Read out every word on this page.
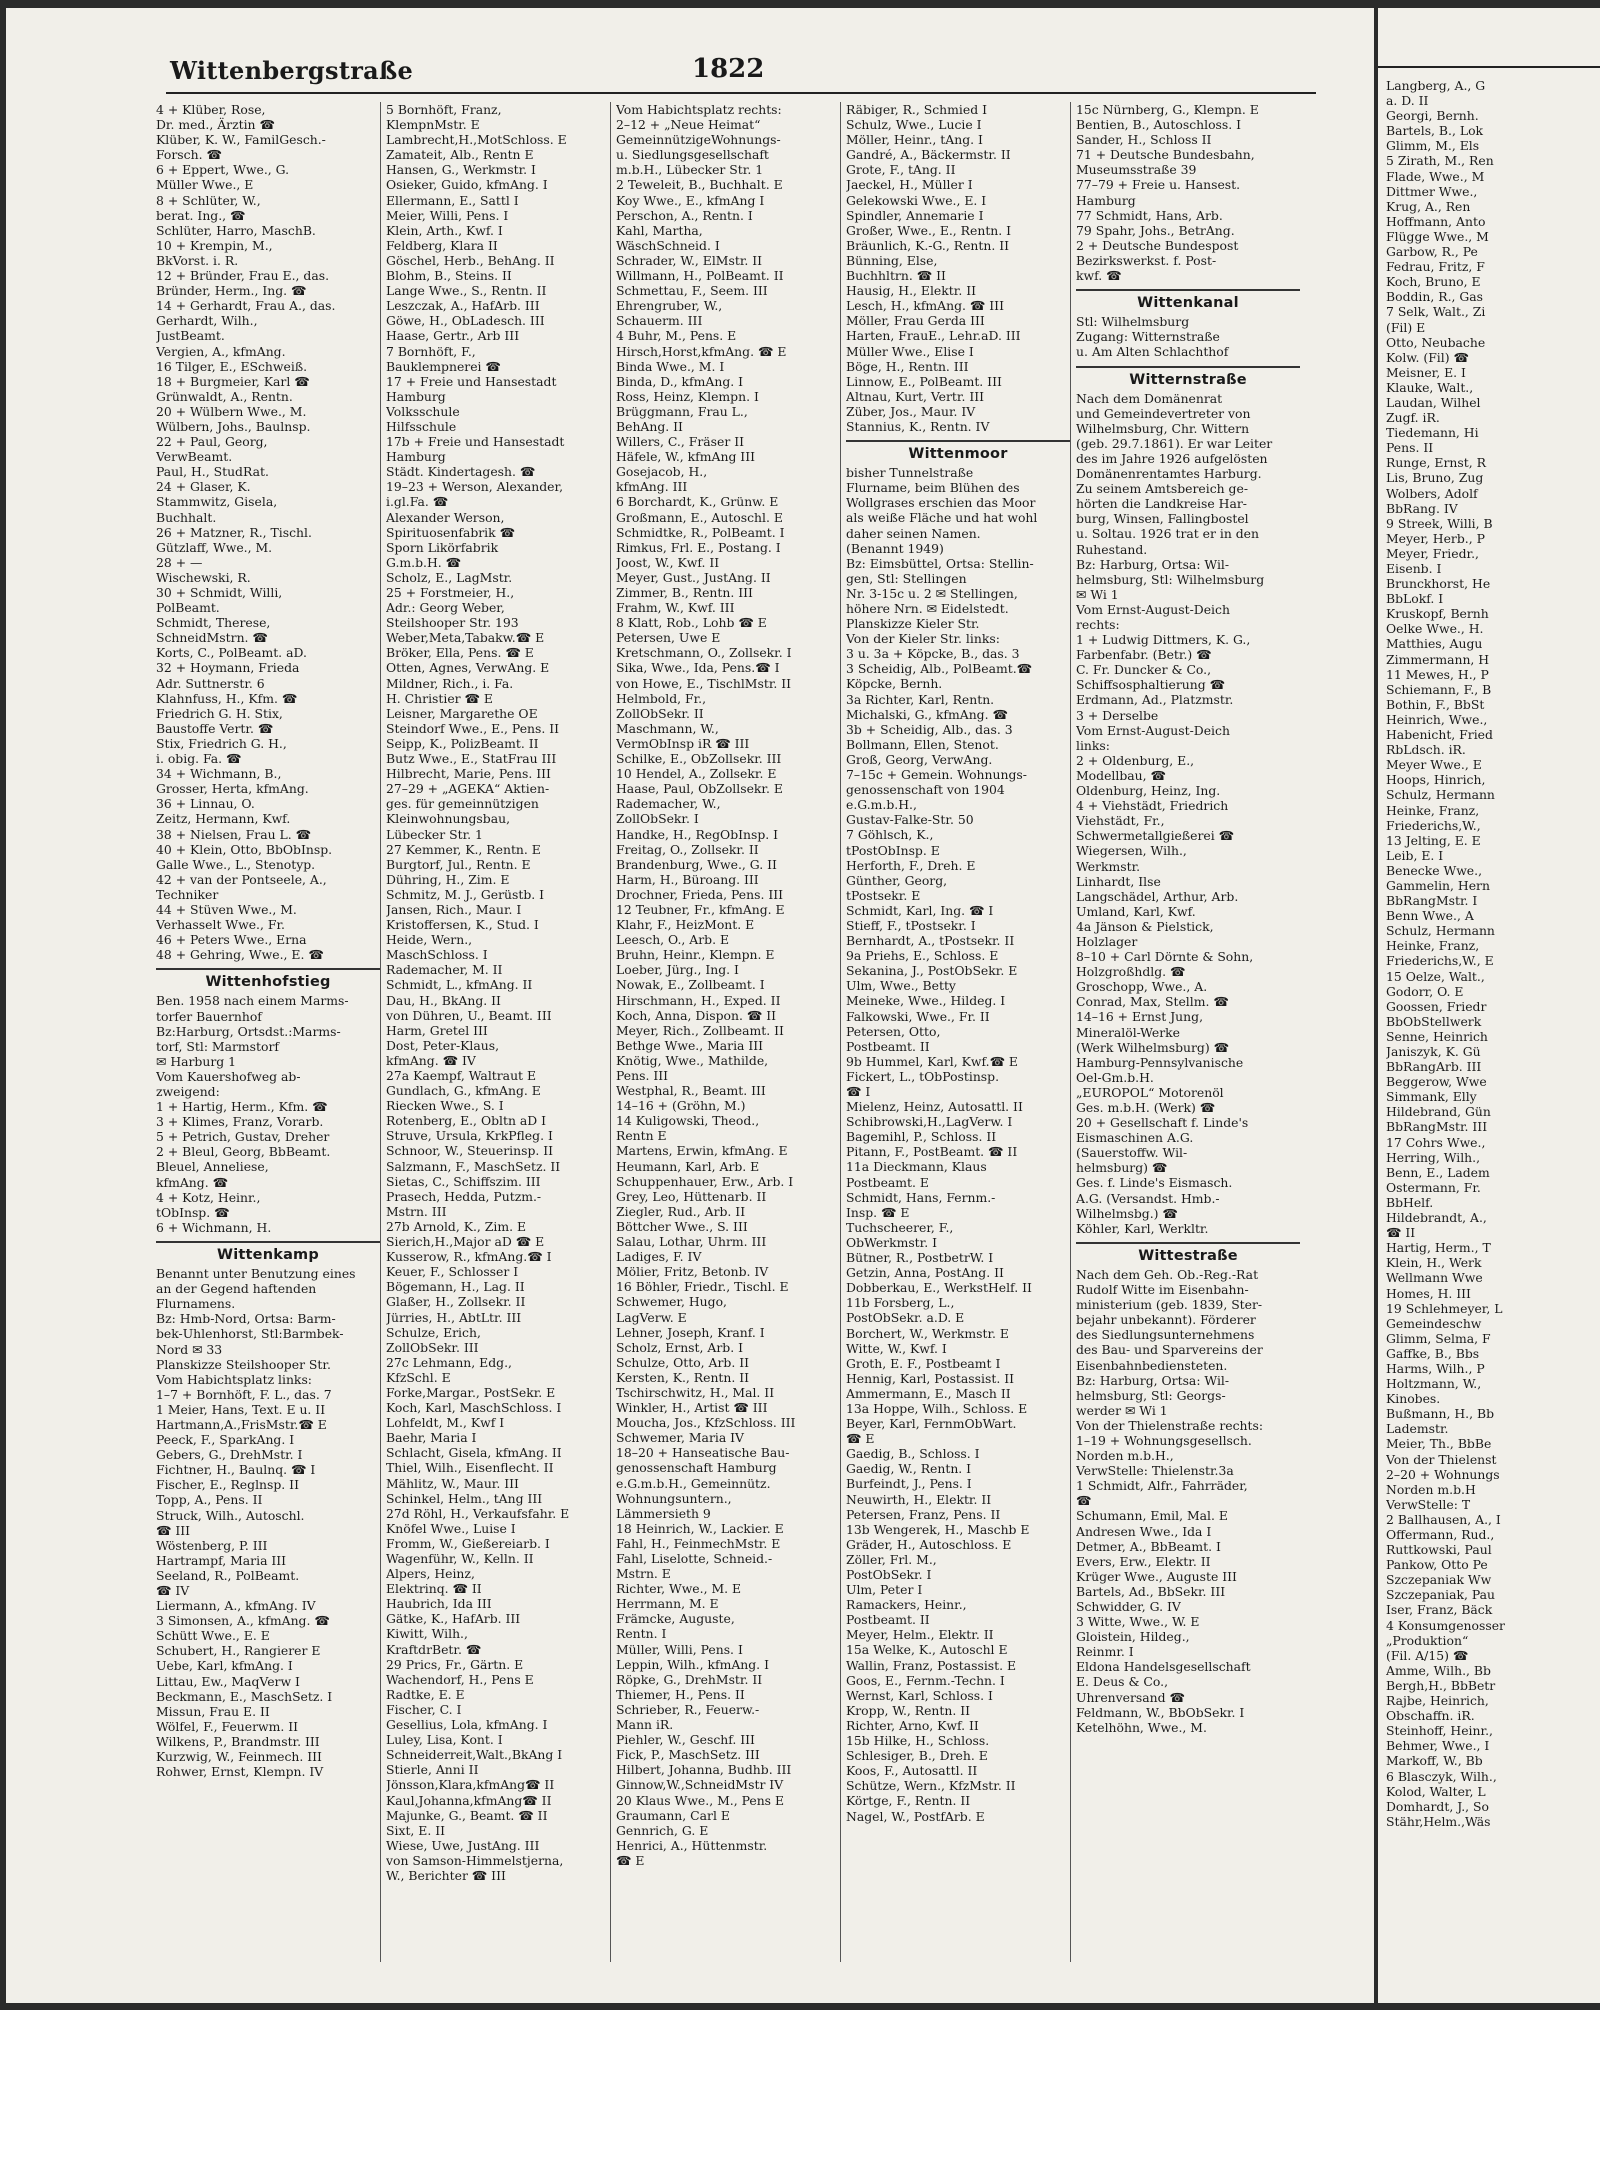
Wittenbergstraße	1822
4 + Klüber, Rose,
Dr. med., Ärztin ☎
Klüber, K. W., FamilGesch.-
Forsch. ☎
6 + Eppert, Wwe., G.
Müller Wwe., E
8 + Schlüter, W.,
berat. Ing., ☎
Schlüter, Harro, MaschB.
10 + Krempin, M.,
BkVorst. i. R.
12 + Bründer, Frau E., das.
Bründer, Herm., Ing. ☎
14 + Gerhardt, Frau A., das.
Gerhardt, Wilh.,
JustBeamt.
Vergien, A., kfmAng.
16 Tilger, E., ESchweiß.
18 + Burgmeier, Karl ☎
Grünwaldt, A., Rentn.
20 + Wülbern Wwe., M.
Wülbern, Johs., Baulnsp.
22 + Paul, Georg,
VerwBeamt.
Paul, H., StudRat.
24 + Glaser, K.
Stammwitz, Gisela,
Buchhalt.
26 + Matzner, R., Tischl.
Gützlaff, Wwe., M.
28 + —
Wischewski, R.
30 + Schmidt, Willi,
PolBeamt.
Schmidt, Therese,
SchneidMstrn. ☎
Korts, C., PolBeamt. aD.
32 + Hoymann, Frieda
Adr. Suttnerstr. 6
Klahnfuss, H., Kfm. ☎
Friedrich G. H. Stix,
Baustoffe Vertr. ☎
Stix, Friedrich G. H.,
i. obig. Fa. ☎
34 + Wichmann, B.,
Grosser, Herta, kfmAng.
36 + Linnau, O.
Zeitz, Hermann, Kwf.
38 + Nielsen, Frau L. ☎
40 + Klein, Otto, BbObInsp.
Galle Wwe., L., Stenotyp.
42 + van der Pontseele, A.,
Techniker
44 + Stüven Wwe., M.
Verhasselt Wwe., Fr.
46 + Peters Wwe., Erna
48 + Gehring, Wwe., E. ☎
Wittenhofstieg
Ben. 1958 nach einem Marms-
torfer Bauernhof
Bz:Harburg, Ortsdst.:Marms-
torf, Stl: Marmstorf
✉ Harburg 1
Vom Kauershofweg ab-
zweigend:
1 + Hartig, Herm., Kfm. ☎
3 + Klimes, Franz, Vorarb.
5 + Petrich, Gustav, Dreher
2 + Bleul, Georg, BbBeamt.
Bleuel, Anneliese,
kfmAng. ☎
4 + Kotz, Heinr.,
tObInsp. ☎
6 + Wichmann, H.
Wittenkamp
Benannt unter Benutzung eines
an der Gegend haftenden
Flurnamens.
Bz: Hmb-Nord, Ortsa: Barm-
bek-Uhlenhorst, Stl:Barmbek-
Nord ✉ 33
Planskizze Steilshooper Str.
Vom Habichtsplatz links:
1–7 + Bornhöft, F. L., das. 7
1 Meier, Hans, Text. E u. II
Hartmann,A.,FrisMstr.☎ E
Peeck, F., SparkAng. I
Gebers, G., DrehMstr. I
Fichtner, H., Baulnq. ☎ I
Fischer, E., Reglnsp. II
Topp, A., Pens. II
Struck, Wilh., Autoschl.
☎ III
Wöstenberg, P. III
Hartrampf, Maria III
Seeland, R., PolBeamt.
☎ IV
Liermann, A., kfmAng. IV
3 Simonsen, A., kfmAng. ☎
Schütt Wwe., E. E
Schubert, H., Rangierer E
Uebe, Karl, kfmAng. I
Littau, Ew., MaqVerw I
Beckmann, E., MaschSetz. I
Missun, Frau E. II
Wölfel, F., Feuerwm. II
Wilkens, P., Brandmstr. III
Kurzwig, W., Feinmech. III
Rohwer, Ernst, Klempn. IV
5 Bornhöft, Franz,
KlempnMstr. E
Lambrecht,H.,MotSchloss. E
Zamateit, Alb., Rentn E
Hansen, G., Werkmstr. I
Osieker, Guido, kfmAng. I
Ellermann, E., Sattl I
Meier, Willi, Pens. I
Klein, Arth., Kwf. I
Feldberg, Klara II
Göschel, Herb., BehAng. II
Blohm, B., Steins. II
Lange Wwe., S., Rentn. II
Leszczak, A., HafArb. III
Göwe, H., ObLadesch. III
Haase, Gertr., Arb III
7 Bornhöft, F.,
Bauklempnerei ☎
17 + Freie und Hansestadt
Hamburg
Volksschule
Hilfsschule
17b + Freie und Hansestadt
Hamburg
Städt. Kindertagesh. ☎
19–23 + Werson, Alexander,
i.gl.Fa. ☎
Alexander Werson,
Spirituosenfabrik ☎
Sporn Likörfabrik
G.m.b.H. ☎
Scholz, E., LagMstr.
25 + Forstmeier, H.,
Adr.: Georg Weber,
Steilshooper Str. 193
Weber,Meta,Tabakw.☎ E
Bröker, Ella, Pens. ☎ E
Otten, Agnes, VerwAng. E
Mildner, Rich., i. Fa.
H. Christier ☎ E
Leisner, Margarethe OE
Steindorf Wwe., E., Pens. II
Seipp, K., PolizBeamt. II
Butz Wwe., E., StatFrau III
Hilbrecht, Marie, Pens. III
27–29 + „AGEKA“ Aktien-
ges. für gemeinnützigen
Kleinwohnungsbau,
Lübecker Str. 1
27 Kemmer, K., Rentn. E
Burgtorf, Jul., Rentn. E
Dühring, H., Zim. E
Schmitz, M. J., Gerüstb. I
Jansen, Rich., Maur. I
Kristoffersen, K., Stud. I
Heide, Wern.,
MaschSchloss. I
Rademacher, M. II
Schmidt, L., kfmAng. II
Dau, H., BkAng. II
von Dühren, U., Beamt. III
Harm, Gretel III
Dost, Peter-Klaus,
kfmAng. ☎ IV
27a Kaempf, Waltraut E
Gundlach, G., kfmAng. E
Riecken Wwe., S. I
Rotenberg, E., Obltn aD I
Struve, Ursula, KrkPfleg. I
Schnoor, W., Steuerinsp. II
Salzmann, F., MaschSetz. II
Sietas, C., Schiffszim. III
Prasech, Hedda, Putzm.-
Mstrn. III
27b Arnold, K., Zim. E
Sierich,H.,Major aD ☎ E
Kusserow, R., kfmAng.☎ I
Keuer, F., Schlosser I
Bögemann, H., Lag. II
Glaßer, H., Zollsekr. II
Jürries, H., AbtLtr. III
Schulze, Erich,
ZollObSekr. III
27c Lehmann, Edg.,
KfzSchl. E
Forke,Margar., PostSekr. E
Koch, Karl, MaschSchloss. I
Lohfeldt, M., Kwf I
Baehr, Maria I
Schlacht, Gisela, kfmAng. II
Thiel, Wilh., Eisenflecht. II
Mählitz, W., Maur. III
Schinkel, Helm., tAng III
27d Röhl, H., Verkaufsfahr. E
Knöfel Wwe., Luise I
Fromm, W., Gießereiarb. I
Wagenführ, W., Kelln. II
Alpers, Heinz,
Elektrinq. ☎ II
Haubrich, Ida III
Gätke, K., HafArb. III
Kiwitt, Wilh.,
KraftdrBetr. ☎
29 Prics, Fr., Gärtn. E
Wachendorf, H., Pens E
Radtke, E. E
Fischer, C. I
Gesellius, Lola, kfmAng. I
Luley, Lisa, Kont. I
Schneiderreit,Walt.,BkAng I
Stierle, Anni II
Jönsson,Klara,kfmAng☎ II
Kaul,Johanna,kfmAng☎ II
Majunke, G., Beamt. ☎ II
Sixt, E. II
Wiese, Uwe, JustAng. III
von Samson-Himmelstjerna,
W., Berichter ☎ III
Vom Habichtsplatz rechts:
2–12 + „Neue Heimat“
GemeinnützigeWohnungs-
u. Siedlungsgesellschaft
m.b.H., Lübecker Str. 1
2 Teweleit, B., Buchhalt. E
Koy Wwe., E., kfmAng I
Perschon, A., Rentn. I
Kahl, Martha,
WäschSchneid. I
Schrader, W., ElMstr. II
Willmann, H., PolBeamt. II
Schmettau, F., Seem. III
Ehrengruber, W.,
Schauerm. III
4 Buhr, M., Pens. E
Hirsch,Horst,kfmAng. ☎ E
Binda Wwe., M. I
Binda, D., kfmAng. I
Ross, Heinz, Klempn. I
Brüggmann, Frau L.,
BehAng. II
Willers, C., Fräser II
Häfele, W., kfmAng III
Gosejacob, H.,
kfmAng. III
6 Borchardt, K., Grünw. E
Großmann, E., Autoschl. E
Schmidtke, R., PolBeamt. I
Rimkus, Frl. E., Postang. I
Joost, W., Kwf. II
Meyer, Gust., JustAng. II
Zimmer, B., Rentn. III
Frahm, W., Kwf. III
8 Klatt, Rob., Lohb ☎ E
Petersen, Uwe E
Kretschmann, O., Zollsekr. I
Sika, Wwe., Ida, Pens.☎ I
von Howe, E., TischlMstr. II
Helmbold, Fr.,
ZollObSekr. II
Maschmann, W.,
VermObInsp iR ☎ III
Schilke, E., ObZollsekr. III
10 Hendel, A., Zollsekr. E
Haase, Paul, ObZollsekr. E
Rademacher, W.,
ZollObSekr. I
Handke, H., RegObInsp. I
Freitag, O., Zollsekr. II
Brandenburg, Wwe., G. II
Harm, H., Büroang. III
Drochner, Frieda, Pens. III
12 Teubner, Fr., kfmAng. E
Klahr, F., HeizMont. E
Leesch, O., Arb. E
Bruhn, Heinr., Klempn. E
Loeber, Jürg., Ing. I
Nowak, E., Zollbeamt. I
Hirschmann, H., Exped. II
Koch, Anna, Dispon. ☎ II
Meyer, Rich., Zollbeamt. II
Bethge Wwe., Maria III
Knötig, Wwe., Mathilde,
Pens. III
Westphal, R., Beamt. III
14–16 + (Gröhn, M.)
14 Kuligowski, Theod.,
Rentn E
Martens, Erwin, kfmAng. E
Heumann, Karl, Arb. E
Schuppenhauer, Erw., Arb. I
Grey, Leo, Hüttenarb. II
Ziegler, Rud., Arb. II
Böttcher Wwe., S. III
Salau, Lothar, Uhrm. III
Ladiges, F. IV
Mölier, Fritz, Betonb. IV
16 Böhler, Friedr., Tischl. E
Schwemer, Hugo,
LagVerw. E
Lehner, Joseph, Kranf. I
Scholz, Ernst, Arb. I
Schulze, Otto, Arb. II
Kersten, K., Rentn. II
Tschirschwitz, H., Mal. II
Winkler, H., Artist ☎ III
Moucha, Jos., KfzSchloss. III
Schwemer, Maria IV
18–20 + Hanseatische Bau-
genossenschaft Hamburg
e.G.m.b.H., Gemeinnütz.
Wohnungsuntern.,
Lämmersieth 9
18 Heinrich, W., Lackier. E
Fahl, H., FeinmechMstr. E
Fahl, Liselotte, Schneid.-
Mstrn. E
Richter, Wwe., M. E
Herrmann, M. E
Främcke, Auguste,
Rentn. I
Müller, Willi, Pens. I
Leppin, Wilh., kfmAng. I
Röpke, G., DrehMstr. II
Thiemer, H., Pens. II
Schrieber, R., Feuerw.-
Mann iR.
Piehler, W., Geschf. III
Fick, P., MaschSetz. III
Hilbert, Johanna, Budhb. III
Ginnow,W.,SchneidMstr IV
20 Klaus Wwe., M., Pens E
Graumann, Carl E
Gennrich, G. E
Henrici, A., Hüttenmstr.
☎ E
Räbiger, R., Schmied I
Schulz, Wwe., Lucie I
Möller, Heinr., tAng. I
Gandré, A., Bäckermstr. II
Grote, F., tAng. II
Jaeckel, H., Müller I
Gelekowski Wwe., E. I
Spindler, Annemarie I
Großer, Wwe., E., Rentn. I
Bräunlich, K.-G., Rentn. II
Bünning, Else,
Buchhltrn. ☎ II
Hausig, H., Elektr. II
Lesch, H., kfmAng. ☎ III
Möller, Frau Gerda III
Harten, FrauE., Lehr.aD. III
Müller Wwe., Elise I
Böge, H., Rentn. III
Linnow, E., PolBeamt. III
Altnau, Kurt, Vertr. III
Züber, Jos., Maur. IV
Stannius, K., Rentn. IV
Wittenmoor
bisher Tunnelstraße
Flurname, beim Blühen des
Wollgrases erschien das Moor
als weiße Fläche und hat wohl
daher seinen Namen.
(Benannt 1949)
Bz: Eimsbüttel, Ortsa: Stellin-
gen, Stl: Stellingen
Nr. 3-15c u. 2 ✉ Stellingen,
höhere Nrn. ✉ Eidelstedt.
Planskizze Kieler Str.
Von der Kieler Str. links:
3 u. 3a + Köpcke, B., das. 3
3 Scheidig, Alb., PolBeamt.☎
Köpcke, Bernh.
3a Richter, Karl, Rentn.
Michalski, G., kfmAng. ☎
3b + Scheidig, Alb., das. 3
Bollmann, Ellen, Stenot.
Groß, Georg, VerwAng.
7–15c + Gemein. Wohnungs-
genossenschaft von 1904
e.G.m.b.H.,
Gustav-Falke-Str. 50
7 Göhlsch, K.,
tPostObInsp. E
Herforth, F., Dreh. E
Günther, Georg,
tPostsekr. E
Schmidt, Karl, Ing. ☎ I
Stieff, F., tPostsekr. I
Bernhardt, A., tPostsekr. II
9a Priehs, E., Schloss. E
Sekanina, J., PostObSekr. E
Ulm, Wwe., Betty
Meineke, Wwe., Hildeg. I
Falkowski, Wwe., Fr. II
Petersen, Otto,
Postbeamt. II
9b Hummel, Karl, Kwf.☎ E
Fickert, L., tObPostinsp.
☎ I
Mielenz, Heinz, Autosattl. II
Schibrowski,H.,LagVerw. I
Bagemihl, P., Schloss. II
Pitann, F., PostBeamt. ☎ II
11a Dieckmann, Klaus
Postbeamt. E
Schmidt, Hans, Fernm.-
Insp. ☎ E
Tuchscheerer, F.,
ObWerkmstr. I
Bütner, R., PostbetrW. I
Getzin, Anna, PostAng. II
Dobberkau, E., WerkstHelf. II
11b Forsberg, L.,
PostObSekr. a.D. E
Borchert, W., Werkmstr. E
Witte, W., Kwf. I
Groth, E. F., Postbeamt I
Hennig, Karl, Postassist. II
Ammermann, E., Masch II
13a Hoppe, Wilh., Schloss. E
Beyer, Karl, FernmObWart.
☎ E
Gaedig, B., Schloss. I
Gaedig, W., Rentn. I
Burfeindt, J., Pens. I
Neuwirth, H., Elektr. II
Petersen, Franz, Pens. II
13b Wengerek, H., Maschb E
Gräder, H., Autoschloss. E
Zöller, Frl. M.,
PostObSekr. I
Ulm, Peter I
Ramackers, Heinr.,
Postbeamt. II
Meyer, Helm., Elektr. II
15a Welke, K., Autoschl E
Wallin, Franz, Postassist. E
Goos, E., Fernm.-Techn. I
Wernst, Karl, Schloss. I
Kropp, W., Rentn. II
Richter, Arno, Kwf. II
15b Hilke, H., Schloss.
Schlesiger, B., Dreh. E
Koos, F., Autosattl. II
Schütze, Wern., KfzMstr. II
Körtge, F., Rentn. II
Nagel, W., PostfArb. E
15c Nürnberg, G., Klempn. E
Bentien, B., Autoschloss. I
Sander, H., Schloss II
71 + Deutsche Bundesbahn,
Museumsstraße 39
77–79 + Freie u. Hansest.
Hamburg
77 Schmidt, Hans, Arb.
79 Spahr, Johs., BetrAng.
2 + Deutsche Bundespost
Bezirkswerkst. f. Post-
kwf. ☎
Wittenkanal
Stl: Wilhelmsburg
Zugang: Witternstraße
u. Am Alten Schlachthof
Witternstraße
Nach dem Domänenrat
und Gemeindevertreter von
Wilhelmsburg, Chr. Wittern
(geb. 29.7.1861). Er war Leiter
des im Jahre 1926 aufgelösten
Domänenrentamtes Harburg.
Zu seinem Amtsbereich ge-
hörten die Landkreise Har-
burg, Winsen, Fallingbostel
u. Soltau. 1926 trat er in den
Ruhestand.
Bz: Harburg, Ortsa: Wil-
helmsburg, Stl: Wilhelmsburg
✉ Wi 1
Vom Ernst-August-Deich
rechts:
1 + Ludwig Dittmers, K. G.,
Farbenfabr. (Betr.) ☎
C. Fr. Duncker & Co.,
Schiffsosphaltierung ☎
Erdmann, Ad., Platzmstr.
3 + Derselbe
Vom Ernst-August-Deich
links:
2 + Oldenburg, E.,
Modellbau, ☎
Oldenburg, Heinz, Ing.
4 + Viehstädt, Friedrich
Viehstädt, Fr.,
Schwermetallgießerei ☎
Wiegersen, Wilh.,
Werkmstr.
Linhardt, Ilse
Langschädel, Arthur, Arb.
Umland, Karl, Kwf.
4a Jänson & Pielstick,
Holzlager
8–10 + Carl Dörnte & Sohn,
Holzgroßhdlg. ☎
Groschopp, Wwe., A.
Conrad, Max, Stellm. ☎
14–16 + Ernst Jung,
Mineralöl-Werke
(Werk Wilhelmsburg) ☎
Hamburg-Pennsylvanische
Oel-Gm.b.H.
„EUROPOL“ Motorenöl
Ges. m.b.H. (Werk) ☎
20 + Gesellschaft f. Linde's
Eismaschinen A.G.
(Sauerstoffw. Wil-
helmsburg) ☎
Ges. f. Linde's Eismasch.
A.G. (Versandst. Hmb.-
Wilhelmsbg.) ☎
Köhler, Karl, Werkltr.
Wittestraße
Nach dem Geh. Ob.-Reg.-Rat
Rudolf Witte im Eisenbahn-
ministerium (geb. 1839, Ster-
bejahr unbekannt). Förderer
des Siedlungsunternehmens
des Bau- und Sparvereins der
Eisenbahnbediensteten.
Bz: Harburg, Ortsa: Wil-
helmsburg, Stl: Georgs-
werder ✉ Wi 1
Von der Thielenstraße rechts:
1–19 + Wohnungsgesellsch.
Norden m.b.H.,
VerwStelle: Thielenstr.3a
1 Schmidt, Alfr., Fahrräder,
☎
Schumann, Emil, Mal. E
Andresen Wwe., Ida I
Detmer, A., BbBeamt. I
Evers, Erw., Elektr. II
Krüger Wwe., Auguste III
Bartels, Ad., BbSekr. III
Schwidder, G. IV
3 Witte, Wwe., W. E
Gloistein, Hildeg.,
Reinmr. I
Eldona Handelsgesellschaft
E. Deus & Co.,
Uhrenversand ☎
Feldmann, W., BbObSekr. I
Ketelhöhn, Wwe., M.
Langberg, A., G
a. D. II
Georgi, Bernh.
Bartels, B., Lok
Glimm, M., Els
5 Zirath, M., Ren
Flade, Wwe., M
Dittmer Wwe.,
Krug, A., Ren
Hoffmann, Anto
Flügge Wwe., M
Garbow, R., Pe
Fedrau, Fritz, F
Koch, Bruno, E
Boddin, R., Gas
7 Selk, Walt., Zi
(Fil) E
Otto, Neubache
Kolw. (Fil) ☎
Meisner, E. I
Klauke, Walt.,
Laudan, Wilhel
Zugf. iR.
Tiedemann, Hi
Pens. II
Runge, Ernst, R
Lis, Bruno, Zug
Wolbers, Adolf
BbRang. IV
9 Streek, Willi, B
Meyer, Herb., P
Meyer, Friedr.,
Eisenb. I
Brunckhorst, He
BbLokf. I
Kruskopf, Bernh
Oelke Wwe., H.
Matthies, Augu
Zimmermann, H
11 Mewes, H., P
Schiemann, F., B
Bothin, F., BbSt
Heinrich, Wwe.,
Habenicht, Fried
RbLdsch. iR.
Meyer Wwe., E
Hoops, Hinrich,
Schulz, Hermann
Heinke, Franz,
Friederichs,W.,
13 Jelting, E. E
Leib, E. I
Benecke Wwe.,
Gammelin, Hern
BbRangMstr. I
Benn Wwe., A
Schulz, Hermann
Heinke, Franz,
Friederichs,W., E
15 Oelze, Walt.,
Godorr, O. E
Goossen, Friedr
BbObStellwerk
Senne, Heinrich
Janiszyk, K. Gü
BbRangArb. III
Beggerow, Wwe
Simmank, Elly
Hildebrand, Gün
BbRangMstr. III
17 Cohrs Wwe.,
Herring, Wilh.,
Benn, E., Ladem
Ostermann, Fr.
BbHelf.
Hildebrandt, A.,
☎ II
Hartig, Herm., T
Klein, H., Werk
Wellmann Wwe
Homes, H. III
19 Schlehmeyer, L
Gemeindeschw
Glimm, Selma, F
Gaffke, B., Bbs
Harms, Wilh., P
Holtzmann, W.,
Kinobes.
Bußmann, H., Bb
Lademstr.
Meier, Th., BbBe
Von der Thielenst
2–20 + Wohnungs
Norden m.b.H
VerwStelle: T
2 Ballhausen, A., I
Offermann, Rud.,
Ruttkowski, Paul
Pankow, Otto Pe
Szczepaniak Ww
Szczepaniak, Pau
Iser, Franz, Bäck
4 Konsumgenosser
„Produktion“
(Fil. A/15) ☎
Amme, Wilh., Bb
Bergh,H., BbBetr
Rajbe, Heinrich,
Obschaffn. iR.
Steinhoff, Heinr.,
Behmer, Wwe., I
Markoff, W., Bb
6 Blasczyk, Wilh.,
Kolod, Walter, L
Domhardt, J., So
Stähr,Helm.,Wäs
